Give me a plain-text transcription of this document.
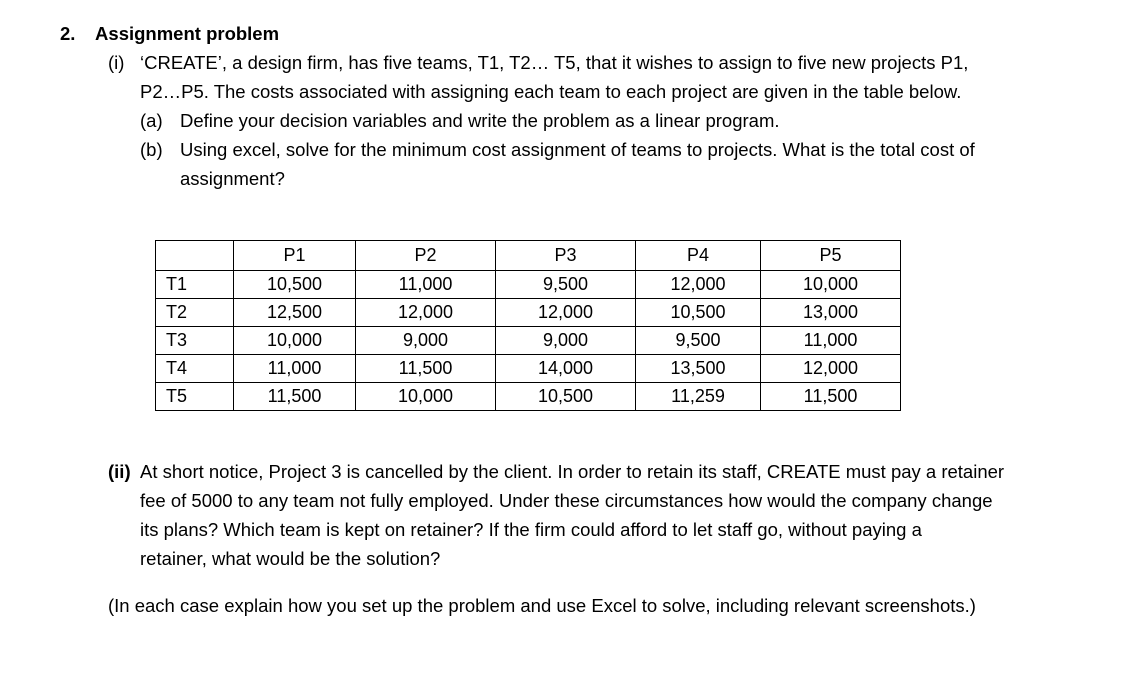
2. Assignment problem
(i) ‘CREATE’, a design firm, has five teams, T1, T2… T5, that it wishes to assign to five new projects P1,
P2…P5. The costs associated with assigning each team to each project are given in the table below.
(a) Define your decision variables and write the problem as a linear program.
(b) Using excel, solve for the minimum cost assignment of teams to projects. What is the total cost of
assignment?
	P1	P2	P3	P4	P5
T1	10,500	11,000	9,500	12,000	10,000
T2	12,500	12,000	12,000	10,500	13,000
T3	10,000	9,000	9,000	9,500	11,000
T4	11,000	11,500	14,000	13,500	12,000
T5	11,500	10,000	10,500	11,259	11,500
(ii) At short notice, Project 3 is cancelled by the client. In order to retain its staff, CREATE must pay a retainer
fee of 5000 to any team not fully employed. Under these circumstances how would the company change
its plans? Which team is kept on retainer? If the firm could afford to let staff go, without paying a
retainer, what would be the solution?
(In each case explain how you set up the problem and use Excel to solve, including relevant screenshots.)
